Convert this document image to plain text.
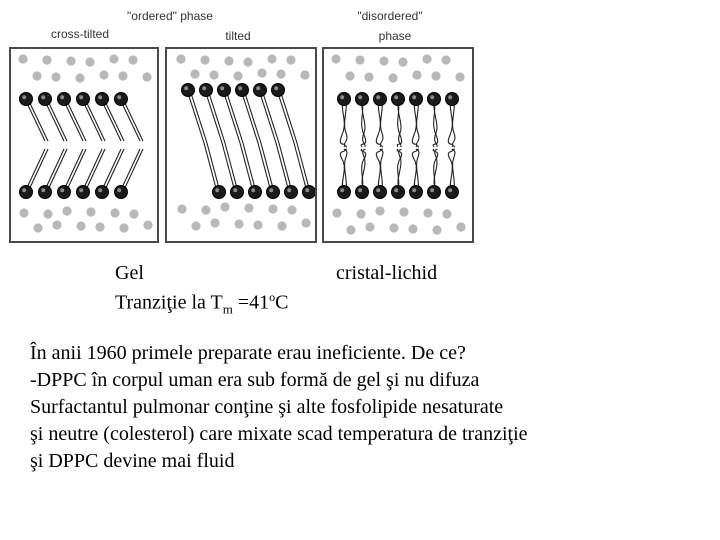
"ordered" phase
cross-tilted	tilted
"disordered"
phase
Gel	cristal-lichid
Tranziţie la $T_m =41^oC$
În anii 1960 primele preparate erau ineficiente. De ce?
-DPPC în corpul uman era sub formă de gel şi nu difuza
Surfactantul pulmonar conţine şi alte fosfolipide nesaturate
şi neutre (colesterol) care mixate scad temperatura de tranziţie
şi DPPC devine mai fluid
